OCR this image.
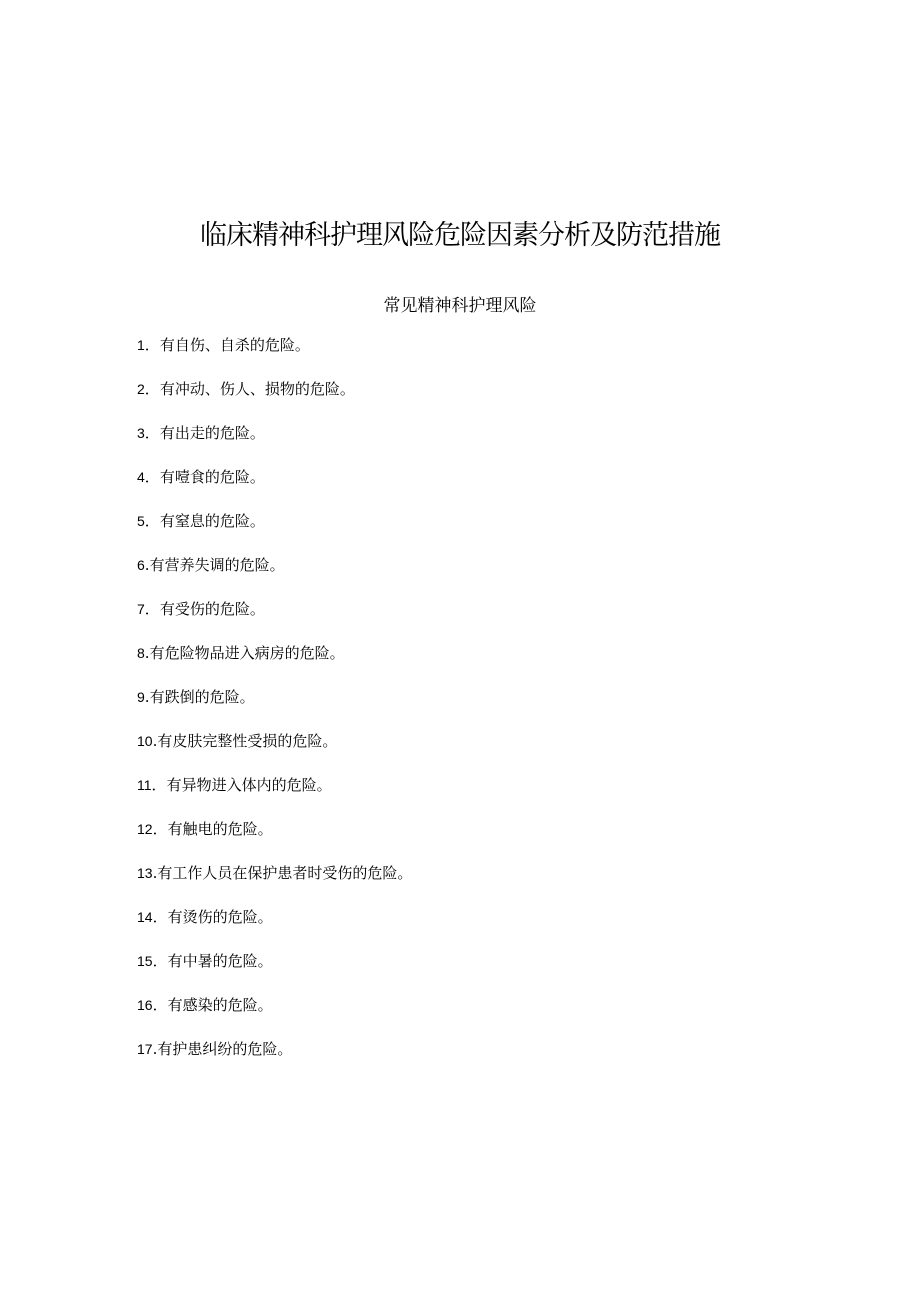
临床精神科护理风险危险因素分析及防范措施
常见精神科护理风险
1．有自伤、自杀的危险。
2．有冲动、伤人、损物的危险。
3．有出走的危险。
4．有噎食的危险。
5．有窒息的危险。
6.有营养失调的危险。
7．有受伤的危险。
8.有危险物品进入病房的危险。
9.有跌倒的危险。
10.有皮肤完整性受损的危险。
11．有异物进入体内的危险。
12．有触电的危险。
13.有工作人员在保护患者时受伤的危险。
14．有烫伤的危险。
15．有中暑的危险。
16．有感染的危险。
17.有护患纠纷的危险。
